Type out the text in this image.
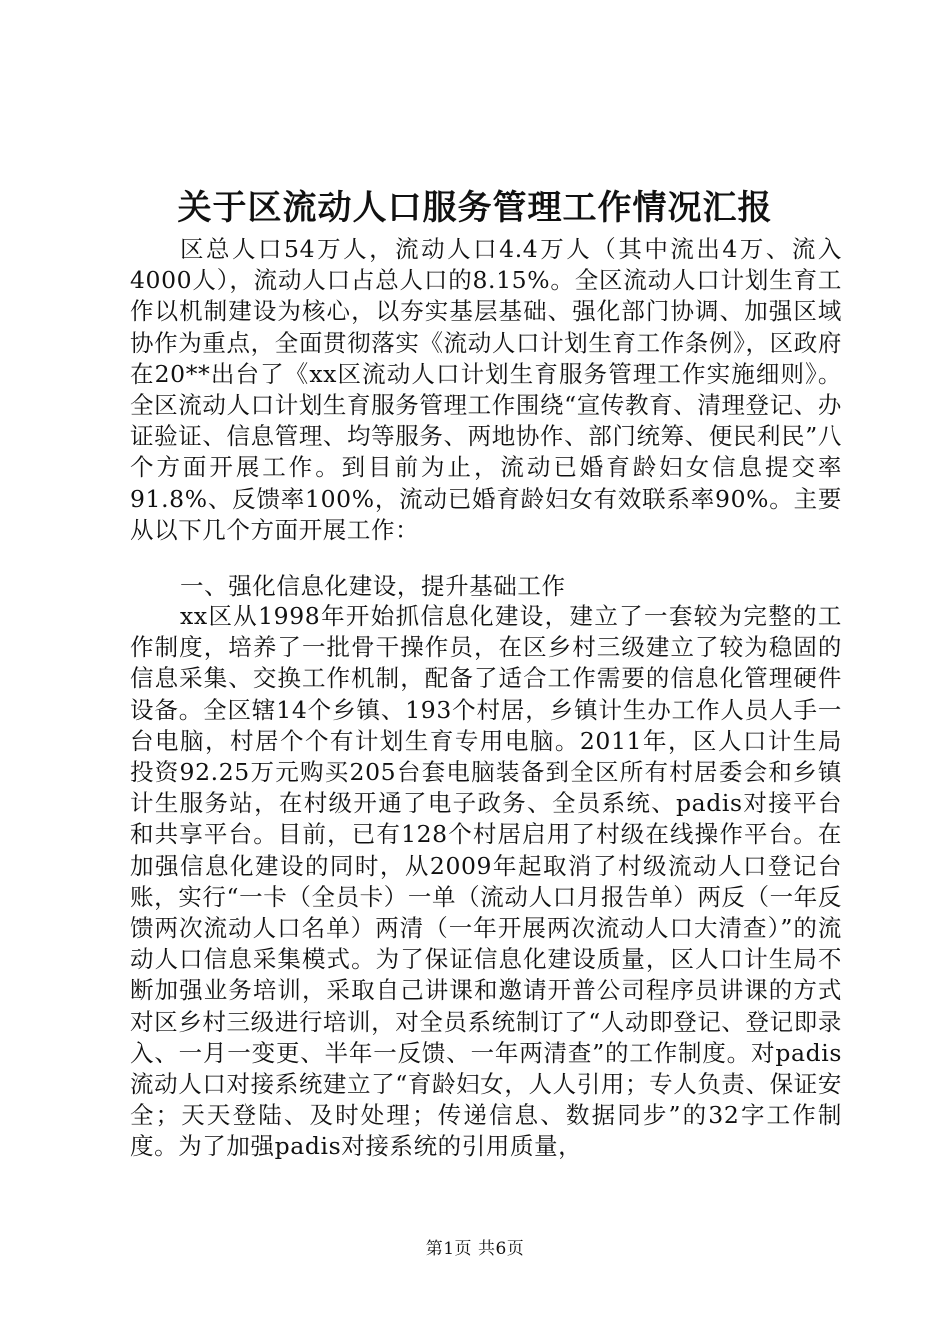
关于区流动人口服务管理工作情况汇报

区总人口54万人，流动人口4.4万人（其中流出4万、流入4000人），流动人口占总人口的8.15%。全区流动人口计划生育工作以机制建设为核心，以夯实基层基础、强化部门协调、加强区域协作为重点，全面贯彻落实《流动人口计划生育工作条例》，区政府在20**出台了《xx区流动人口计划生育服务管理工作实施细则》。全区流动人口计划生育服务管理工作围绕“宣传教育、清理登记、办证验证、信息管理、均等服务、两地协作、部门统筹、便民利民”八个方面开展工作。到目前为止，流动已婚育龄妇女信息提交率91.8%、反馈率100%，流动已婚育龄妇女有效联系率90%。主要从以下几个方面开展工作：

一、强化信息化建设，提升基础工作

xx区从1998年开始抓信息化建设，建立了一套较为完整的工作制度，培养了一批骨干操作员，在区乡村三级建立了较为稳固的信息采集、交换工作机制，配备了适合工作需要的信息化管理硬件设备。全区辖14个乡镇、193个村居，乡镇计生办工作人员人手一台电脑，村居个个有计划生育专用电脑。2011年，区人口计生局投资92.25万元购买205台套电脑装备到全区所有村居委会和乡镇计生服务站，在村级开通了电子政务、全员系统、padis对接平台和共享平台。目前，已有128个村居启用了村级在线操作平台。在加强信息化建设的同时，从2009年起取消了村级流动人口登记台账，实行“一卡（全员卡）一单（流动人口月报告单）两反（一年反馈两次流动人口名单）两清（一年开展两次流动人口大清查）”的流动人口信息采集模式。为了保证信息化建设质量，区人口计生局不断加强业务培训，采取自己讲课和邀请开普公司程序员讲课的方式对区乡村三级进行培训，对全员系统制订了“人动即登记、登记即录入、一月一变更、半年一反馈、一年两清查”的工作制度。对padis流动人口对接系统建立了“育龄妇女，人人引用；专人负责、保证安全；天天登陆、及时处理；传递信息、数据同步”的32字工作制度。为了加强padis对接系统的引用质量，

第1页 共6页
